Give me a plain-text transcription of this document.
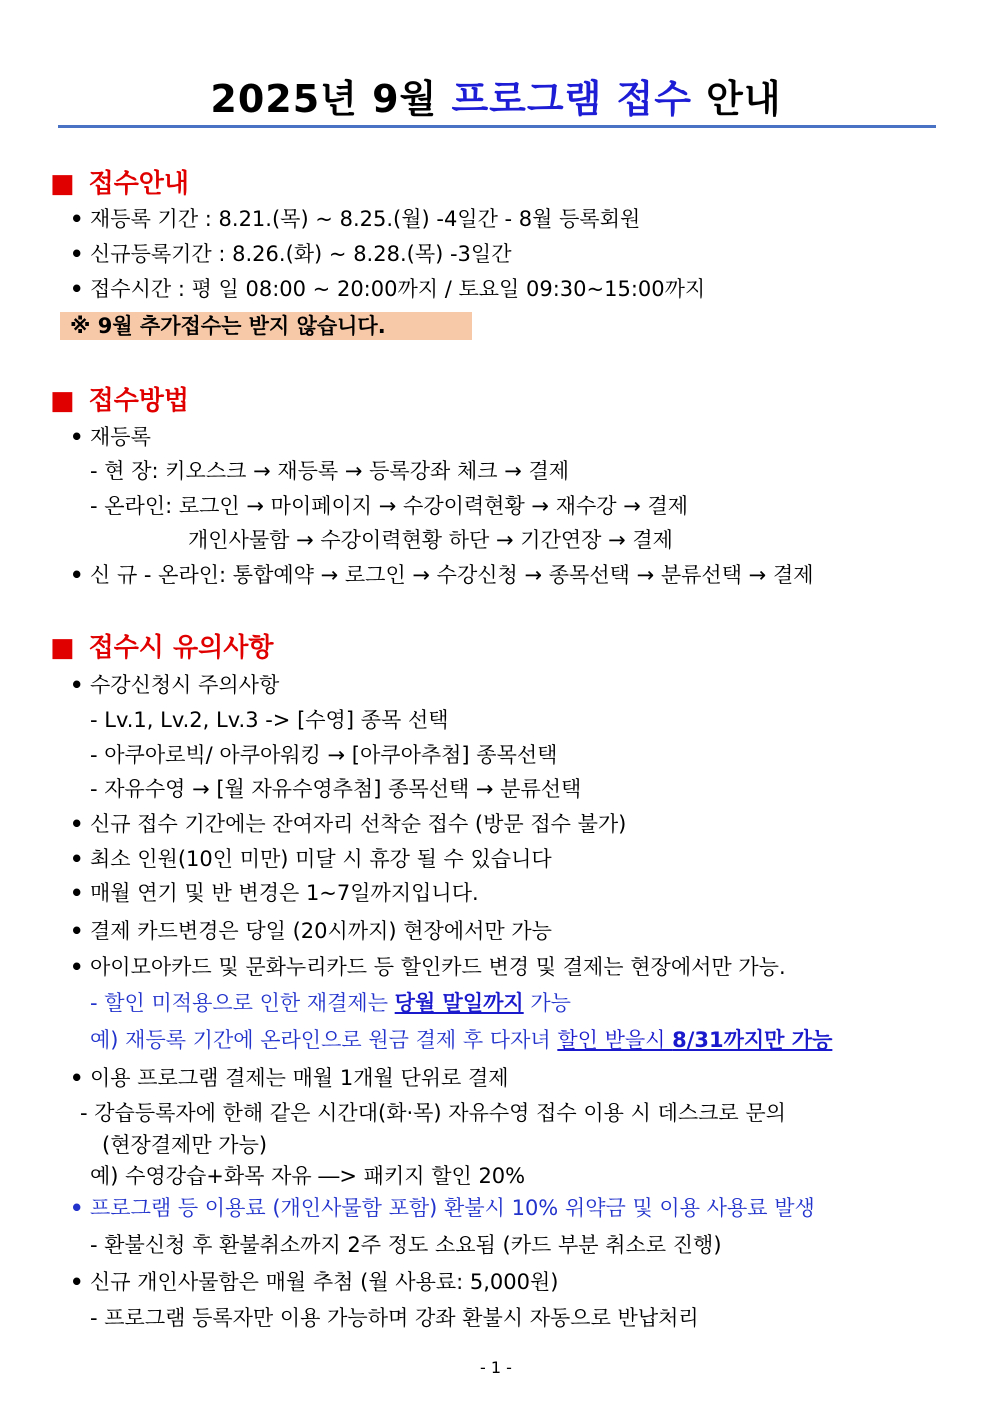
2025년 9월 프로그램 접수 안내
■ 접수안내
• 재등록 기간 : 8.21.(목) ~ 8.25.(월) -4일간 - 8월 등록회원
• 신규등록기간 : 8.26.(화) ~ 8.28.(목) -3일간
• 접수시간 : 평 일 08:00 ~ 20:00까지 / 토요일 09:30~15:00까지
※ 9월 추가접수는 받지 않습니다.
■ 접수방법
• 재등록
- 현 장: 키오스크 → 재등록 → 등록강좌 체크 → 결제
- 온라인: 로그인 → 마이페이지 → 수강이력현황 → 재수강 → 결제
개인사물함 → 수강이력현황 하단 → 기간연장 → 결제
• 신 규 - 온라인: 통합예약 → 로그인 → 수강신청 → 종목선택 → 분류선택 → 결제
■ 접수시 유의사항
• 수강신청시 주의사항
- Lv.1, Lv.2, Lv.3 -> [수영] 종목 선택
- 아쿠아로빅/ 아쿠아워킹 → [아쿠아추첨] 종목선택
- 자유수영 → [월 자유수영추첨] 종목선택 → 분류선택
• 신규 접수 기간에는 잔여자리 선착순 접수 (방문 접수 불가)
• 최소 인원(10인 미만) 미달 시 휴강 될 수 있습니다
• 매월 연기 및 반 변경은 1~7일까지입니다.
• 결제 카드변경은 당일 (20시까지) 현장에서만 가능
• 아이모아카드 및 문화누리카드 등 할인카드 변경 및 결제는 현장에서만 가능.
- 할인 미적용으로 인한 재결제는 당월 말일까지 가능
예) 재등록 기간에 온라인으로 원금 결제 후 다자녀 할인 받을시 8/31까지만 가능
• 이용 프로그램 결제는 매월 1개월 단위로 결제
- 강습등록자에 한해 같은 시간대(화·목) 자유수영 접수 이용 시 데스크로 문의
(현장결제만 가능)
예) 수영강습+화목 자유 ―> 패키지 할인 20%
• 프로그램 등 이용료 (개인사물함 포함) 환불시 10% 위약금 및 이용 사용료 발생
- 환불신청 후 환불취소까지 2주 정도 소요됨 (카드 부분 취소로 진행)
• 신규 개인사물함은 매월 추첨 (월 사용료: 5,000원)
- 프로그램 등록자만 이용 가능하며 강좌 환불시 자동으로 반납처리
- 1 -
